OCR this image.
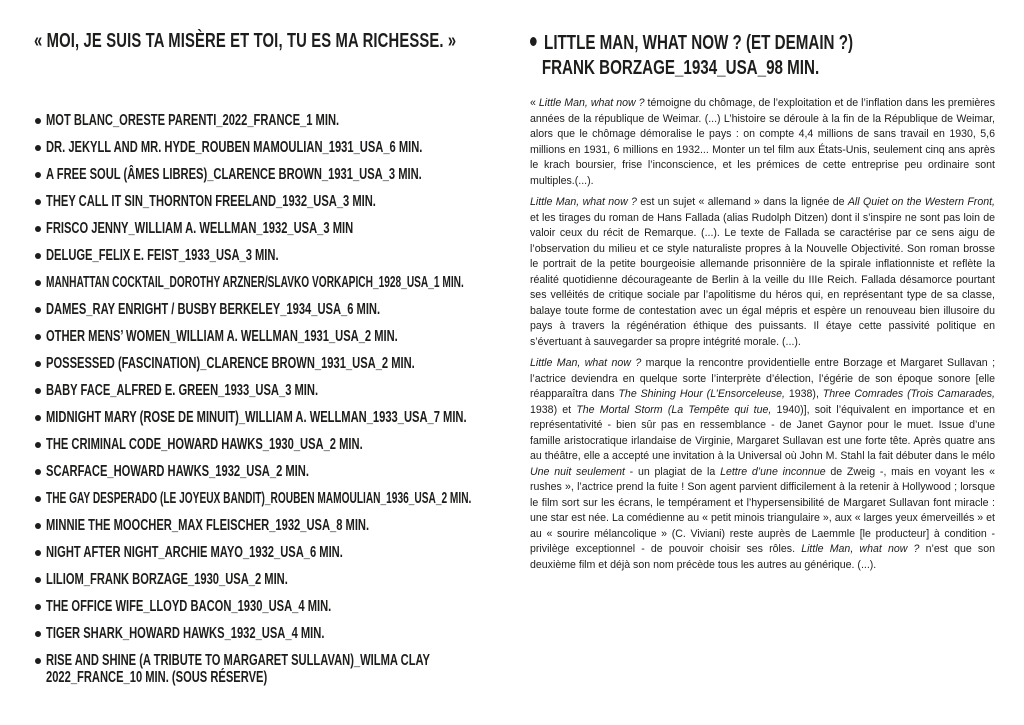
« MOI, JE SUIS TA MISÈRE ET TOI, TU ES MA RICHESSE. »
MOT BLANC_ORESTE PARENTI_2022_FRANCE_1 MIN.
DR. JEKYLL AND MR. HYDE_ROUBEN MAMOULIAN_1931_USA_6 MIN.
A FREE SOUL (ÂMES LIBRES)_CLARENCE BROWN_1931_USA_3 MIN.
THEY CALL IT SIN_THORNTON FREELAND_1932_USA_3 MIN.
FRISCO JENNY_WILLIAM A. WELLMAN_1932_USA_3 MIN
DELUGE_FELIX E. FEIST_1933_USA_3 MIN.
MANHATTAN COCKTAIL_DOROTHY ARZNER/SLAVKO VORKAPICH_1928_USA_1 MIN.
DAMES_RAY ENRIGHT / BUSBY BERKELEY_1934_USA_6 MIN.
OTHER MENS’ WOMEN_WILLIAM A. WELLMAN_1931_USA_2 MIN.
POSSESSED (FASCINATION)_CLARENCE BROWN_1931_USA_2 MIN.
BABY FACE_ALFRED E. GREEN_1933_USA_3 MIN.
MIDNIGHT MARY (ROSE DE MINUIT)_WILLIAM A. WELLMAN_1933_USA_7 MIN.
THE CRIMINAL CODE_HOWARD HAWKS_1930_USA_2 MIN.
SCARFACE_HOWARD HAWKS_1932_USA_2 MIN.
THE GAY DESPERADO (LE JOYEUX BANDIT)_ROUBEN MAMOULIAN_1936_USA_2 MIN.
MINNIE THE MOOCHER_MAX FLEISCHER_1932_USA_8 MIN.
NIGHT AFTER NIGHT_ARCHIE MAYO_1932_USA_6 MIN.
LILIOM_FRANK BORZAGE_1930_USA_2 MIN.
THE OFFICE WIFE_LLOYD BACON_1930_USA_4 MIN.
TIGER SHARK_HOWARD HAWKS_1932_USA_4 MIN.
RISE AND SHINE (A TRIBUTE TO MARGARET SULLAVAN)_WILMA CLAY
2022_FRANCE_10 MIN. (SOUS RÉSERVE)
LITTLE MAN, WHAT NOW ? (ET DEMAIN ?)
FRANK BORZAGE_1934_USA_98 MIN.

« Little Man, what now ? témoigne du chômage, de l’exploitation et de l’inflation dans les premières années de la république de Weimar. (...) L’histoire se déroule à la fin de la République de Weimar, alors que le chômage démoralise le pays : on compte 4,4 millions de sans travail en 1930, 5,6 millions en 1931, 6 millions en 1932... Monter un tel film aux États-Unis, seulement cinq ans après le krach boursier, frise l’inconscience, et les prémices de cette entreprise peu ordinaire sont multiples.(...).

Little Man, what now ? est un sujet « allemand » dans la lignée de All Quiet on the Western Front, et les tirages du roman de Hans Fallada (alias Rudolph Ditzen) dont il s’inspire ne sont pas loin de valoir ceux du récit de Remarque. (...). Le texte de Fallada se caractérise par ce sens aigu de l’observation du milieu et ce style naturaliste propres à la Nouvelle Objectivité. Son roman brosse le portrait de la petite bourgeoisie allemande prisonnière de la spirale inflationniste et reflète la réalité quotidienne décourageante de Berlin à la veille du IIIe Reich. Fallada désamorce pourtant ses velléités de critique sociale par l’apolitisme du héros qui, en représentant type de sa classe, balaye toute forme de contestation avec un égal mépris et espère un renouveau bien illusoire du pays à travers la régénération éthique des puissants. Il étaye cette passivité politique en s’évertuant à sauvegarder sa propre intégrité morale. (...).

Little Man, what now ? marque la rencontre providentielle entre Borzage et Margaret Sullavan ; l’actrice deviendra en quelque sorte l’interprète d’élection, l’égérie de son époque sonore [elle réapparaîtra dans The Shining Hour (L’Ensorceleuse, 1938), Three Comrades (Trois Camarades, 1938) et The Mortal Storm (La Tempête qui tue, 1940)], soit l’équivalent en importance et en représentativité - bien sûr pas en ressemblance - de Janet Gaynor pour le muet. Issue d’une famille aristocratique irlandaise de Virginie, Margaret Sullavan est une forte tête. Après quatre ans au théâtre, elle a accepté une invitation à la Universal où John M. Stahl la fait débuter dans le mélo Une nuit seulement - un plagiat de la Lettre d’une inconnue de Zweig -, mais en voyant les « rushes », l’actrice prend la fuite ! Son agent parvient difficilement à la retenir à Hollywood ; lorsque le film sort sur les écrans, le tempérament et l’hypersensibilité de Margaret Sullavan font miracle : une star est née. La comédienne au « petit minois triangulaire », aux « larges yeux émerveillés » et au « sourire mélancolique » (C. Viviani) reste auprès de Laemmle [le producteur] à condition - privilège exceptionnel - de pouvoir choisir ses rôles. Little Man, what now ? n’est que son deuxième film et déjà son nom précède tous les autres au générique. (...).
